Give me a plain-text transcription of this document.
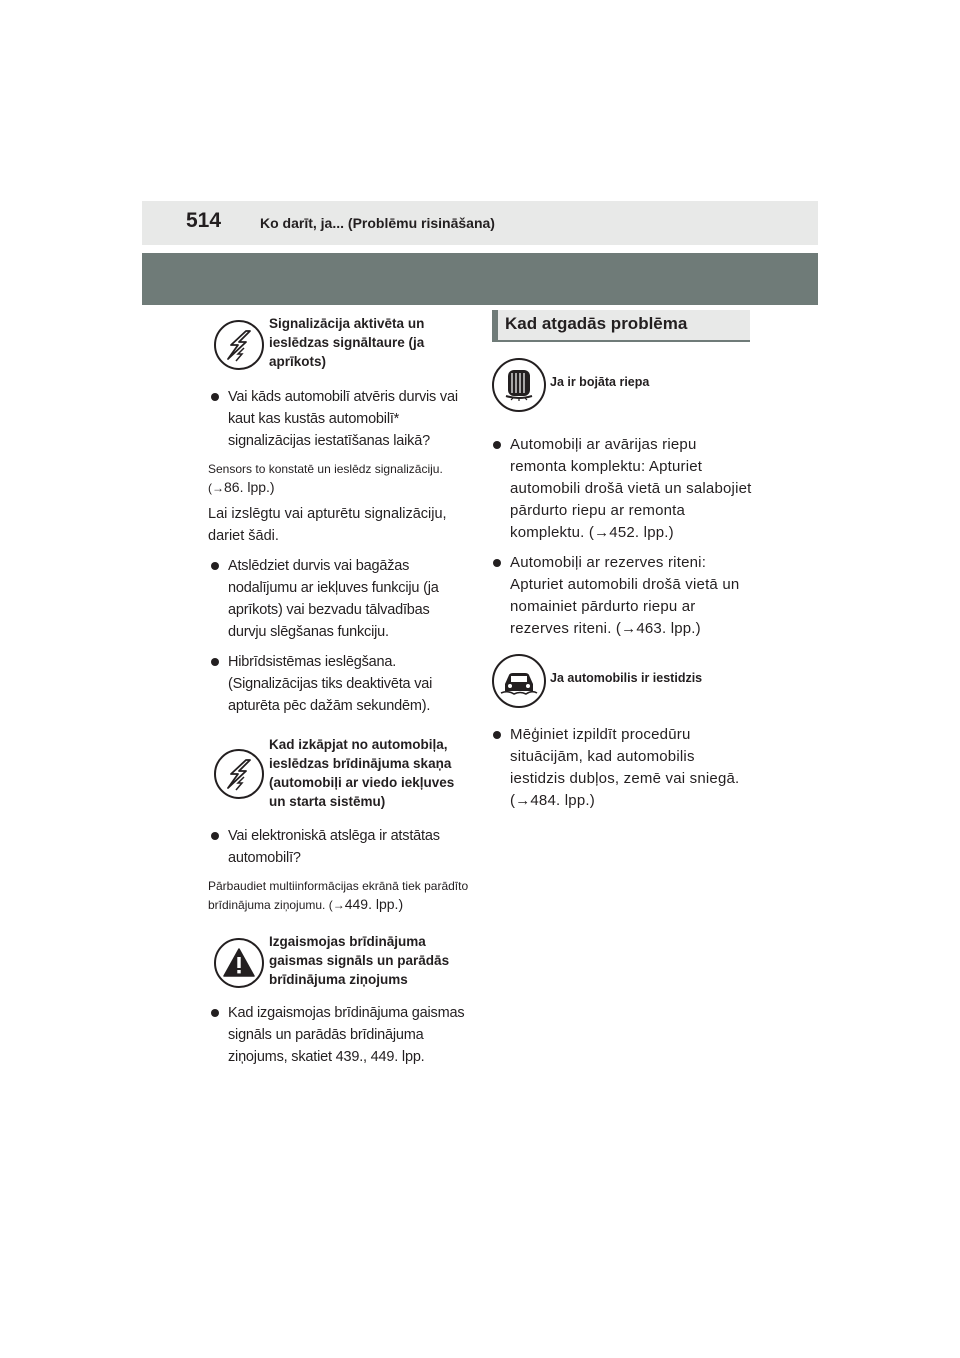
514	Ko darīt, ja... (Problēmu risināšana)
Signalizācija aktivēta un ieslēdzas signāltaure (ja aprīkots)
Vai kāds automobilī atvēris durvis vai kaut kas kustās automobilī* signalizācijas iestatīšanas laikā?
Sensors to konstatē un ieslēdz signalizāciju. (→86. lpp.)
Lai izslēgtu vai apturētu signalizāciju, dariet šādi.
Atslēdziet durvis vai bagāžas nodalījumu ar iekļuves funkciju (ja aprīkots) vai bezvadu tālvadības durvju slēgšanas funkciju.
Hibrīdsistēmas ieslēgšana. (Signalizācijas tiks deaktivēta vai apturēta pēc dažām sekundēm).
Kad izkāpjat no automobiļa, ieslēdzas brīdinājuma skaņa (automobiļi ar viedo iekļuves un starta sistēmu)
Vai elektroniskā atslēga ir atstātas automobilī?
Pārbaudiet multiinformācijas ekrānā tiek parādīto brīdinājuma ziņojumu. (→449. lpp.)
Izgaismojas brīdinājuma gaismas signāls un parādās brīdinājuma ziņojums
Kad izgaismojas brīdinājuma gaismas signāls un parādās brīdinājuma ziņojums, skatiet 439., 449. lpp.
Kad atgadās problēma
Ja ir bojāta riepa
Automobiļi ar avārijas riepu remonta komplektu: Apturiet automobili drošā vietā un salabojiet pārdurto riepu ar remonta komplektu. (→452. lpp.)
Automobiļi ar rezerves riteni: Apturiet automobili drošā vietā un nomainiet pārdurto riepu ar rezerves riteni. (→463. lpp.)
Ja automobilis ir iestidzis
Mēģiniet izpildīt procedūru situācijām, kad automobilis iestidzis dubļos, zemē vai sniegā. (→484. lpp.)
